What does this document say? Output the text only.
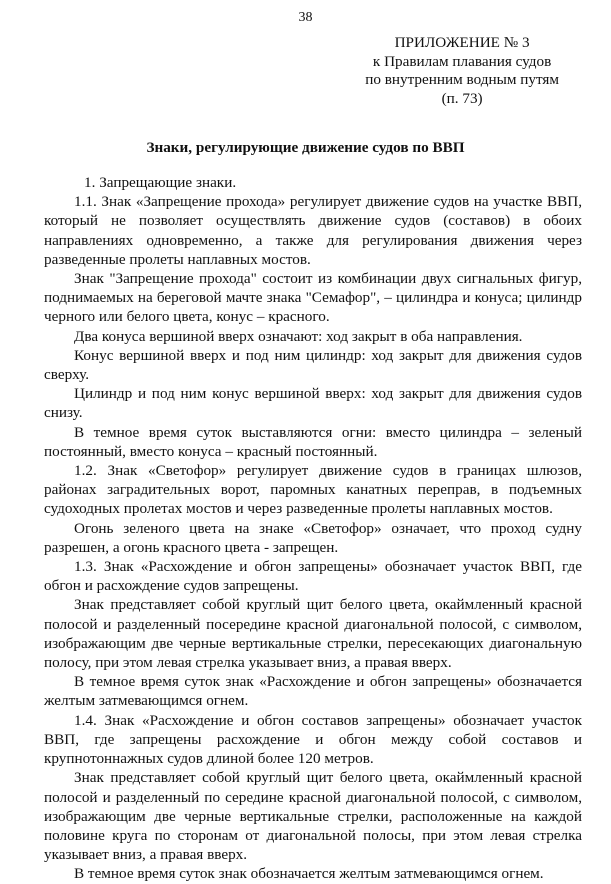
38
ПРИЛОЖЕНИЕ № 3
к Правилам плавания судов
по внутренним водным путям
(п. 73)
Знаки, регулирующие движение судов по ВВП

1. Запрещающие знаки.

1.1. Знак «Запрещение прохода» регулирует движение судов на участке ВВП, который не позволяет осуществлять движение судов (составов) в обоих направлениях одновременно, а также для регулирования движения через разведенные пролеты наплавных мостов.

Знак "Запрещение прохода" состоит из комбинации двух сигнальных фигур, поднимаемых на береговой мачте знака "Семафор", – цилиндра и конуса; цилиндр черного или белого цвета, конус – красного.

Два конуса вершиной вверх означают: ход закрыт в оба направления.

Конус вершиной вверх и под ним цилиндр: ход закрыт для движения судов сверху.

Цилиндр и под ним конус вершиной вверх: ход закрыт для движения судов снизу.

В темное время суток выставляются огни: вместо цилиндра – зеленый постоянный, вместо конуса – красный постоянный.

1.2. Знак «Светофор» регулирует движение судов в границах шлюзов, районах заградительных ворот, паромных канатных переправ, в подъемных судоходных пролетах мостов и через разведенные пролеты наплавных мостов.

Огонь зеленого цвета на знаке «Светофор» означает, что проход судну разрешен, а огонь красного цвета - запрещен.

1.3. Знак «Расхождение и обгон запрещены» обозначает участок ВВП, где обгон и расхождение судов запрещены.

Знак представляет собой круглый щит белого цвета, окаймленный красной полосой и разделенный посередине красной диагональной полосой, с символом, изображающим две черные вертикальные стрелки, пересекающих диагональную полосу, при этом левая стрелка указывает вниз, а правая вверх.

В темное время суток знак «Расхождение и обгон запрещены» обозначается желтым затмевающимся огнем.

1.4. Знак «Расхождение и обгон составов запрещены» обозначает участок ВВП, где запрещены расхождение и обгон между собой составов и крупнотоннажных судов длиной более 120 метров.

Знак представляет собой круглый щит белого цвета, окаймленный красной полосой и разделенный по середине красной диагональной полосой, с символом, изображающим две черные вертикальные стрелки, расположенные на каждой половине круга по сторонам от диагональной полосы, при этом левая стрелка указывает вниз, а правая вверх.

В темное время суток знак обозначается желтым затмевающимся огнем.
